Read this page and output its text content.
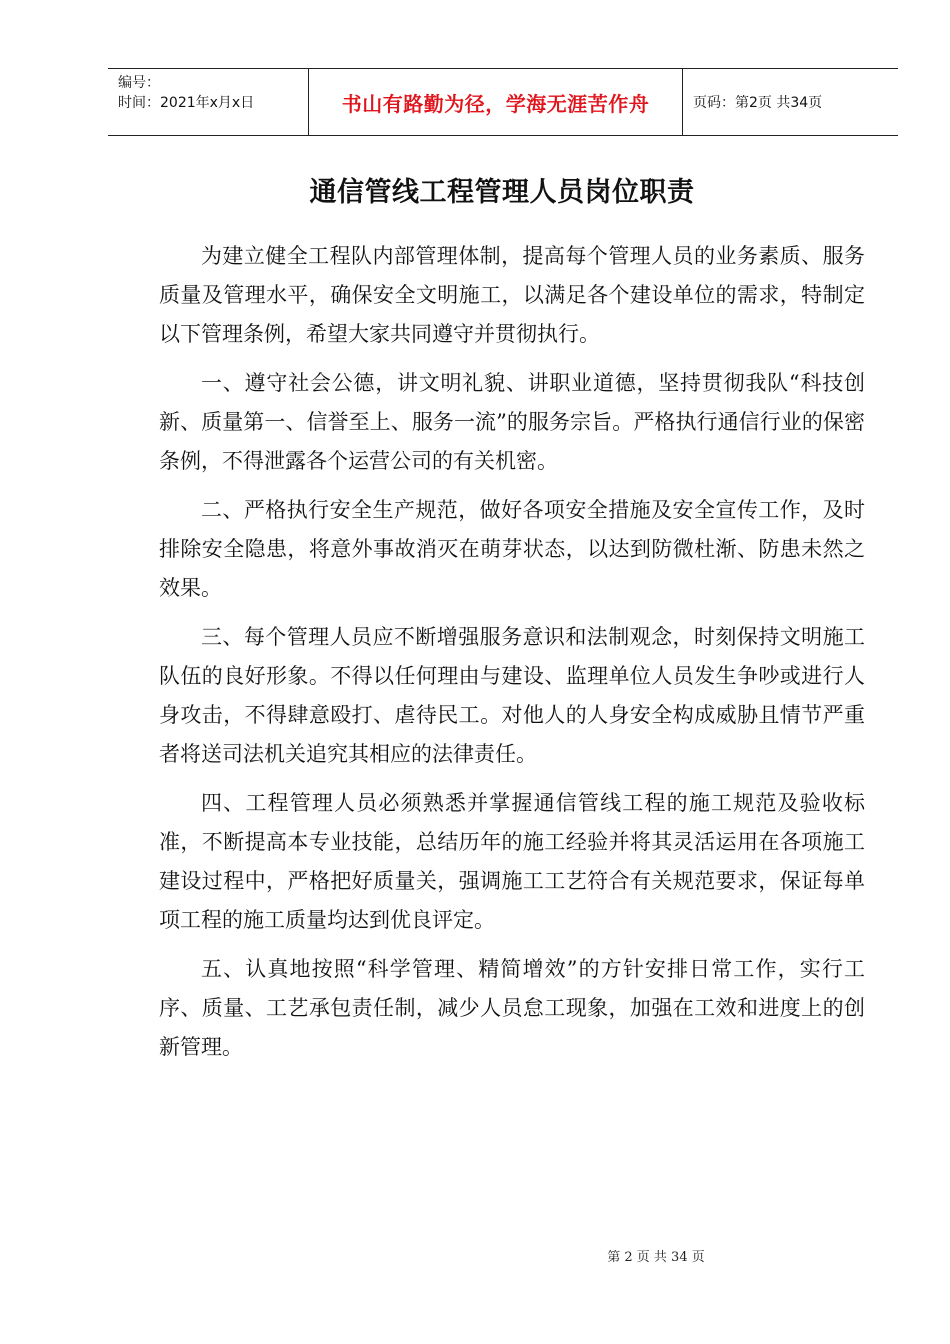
编号：
时间：2021年x月x日	书山有路勤为径，学海无涯苦作舟	页码：第2页 共34页
通信管线工程管理人员岗位职责

为建立健全工程队内部管理体制，提高每个管理人员的业务素质、服务质量及管理水平，确保安全文明施工，以满足各个建设单位的需求，特制定以下管理条例，希望大家共同遵守并贯彻执行。

一、遵守社会公德，讲文明礼貌、讲职业道德，坚持贯彻我队“科技创新、质量第一、信誉至上、服务一流”的服务宗旨。严格执行通信行业的保密条例，不得泄露各个运营公司的有关机密。

二、严格执行安全生产规范，做好各项安全措施及安全宣传工作，及时排除安全隐患，将意外事故消灭在萌芽状态，以达到防微杜渐、防患未然之效果。

三、每个管理人员应不断增强服务意识和法制观念，时刻保持文明施工队伍的良好形象。不得以任何理由与建设、监理单位人员发生争吵或进行人身攻击，不得肆意殴打、虐待民工。对他人的人身安全构成威胁且情节严重者将送司法机关追究其相应的法律责任。

四、工程管理人员必须熟悉并掌握通信管线工程的施工规范及验收标准，不断提高本专业技能，总结历年的施工经验并将其灵活运用在各项施工建设过程中，严格把好质量关，强调施工工艺符合有关规范要求，保证每单项工程的施工质量均达到优良评定。

五、认真地按照“科学管理、精简增效”的方针安排日常工作，实行工序、质量、工艺承包责任制，减少人员怠工现象，加强在工效和进度上的创新管理。

第 2 页 共 34 页
